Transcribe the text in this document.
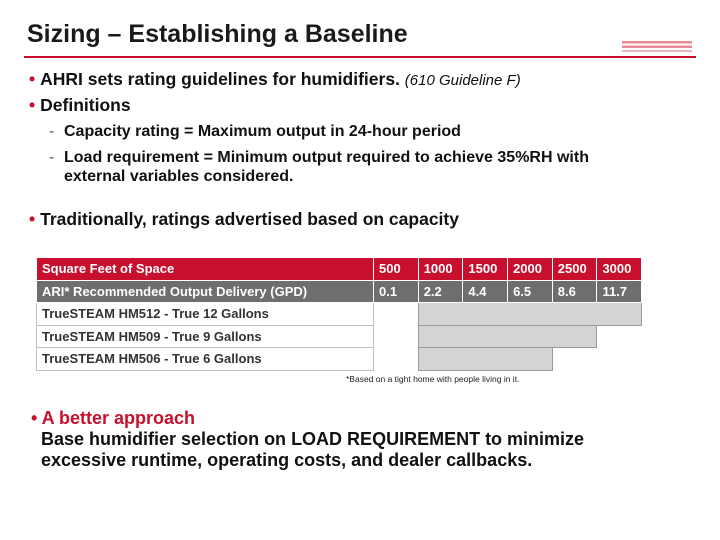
Sizing – Establishing a Baseline
• AHRI sets rating guidelines for humidifiers. (610 Guideline F)
• Definitions
- Capacity rating = Maximum output in 24-hour period
- Load requirement = Minimum output required to achieve 35%RH with
external variables considered.
• Traditionally, ratings advertised based on capacity
Square Feet of Space	500	1000	1500	2000	2500	3000
ARI* Recommended Output Delivery (GPD)	0.1	2.2	4.4	6.5	8.6	11.7
TrueSTEAM HM512 - True 12 Gallons						
TrueSTEAM HM509 - True 9 Gallons						
TrueSTEAM HM506 - True 6 Gallons						
*Based on a tight home with people living in it.
• A better approach
Base humidifier selection on LOAD REQUIREMENT to minimize
excessive runtime, operating costs, and dealer callbacks.
